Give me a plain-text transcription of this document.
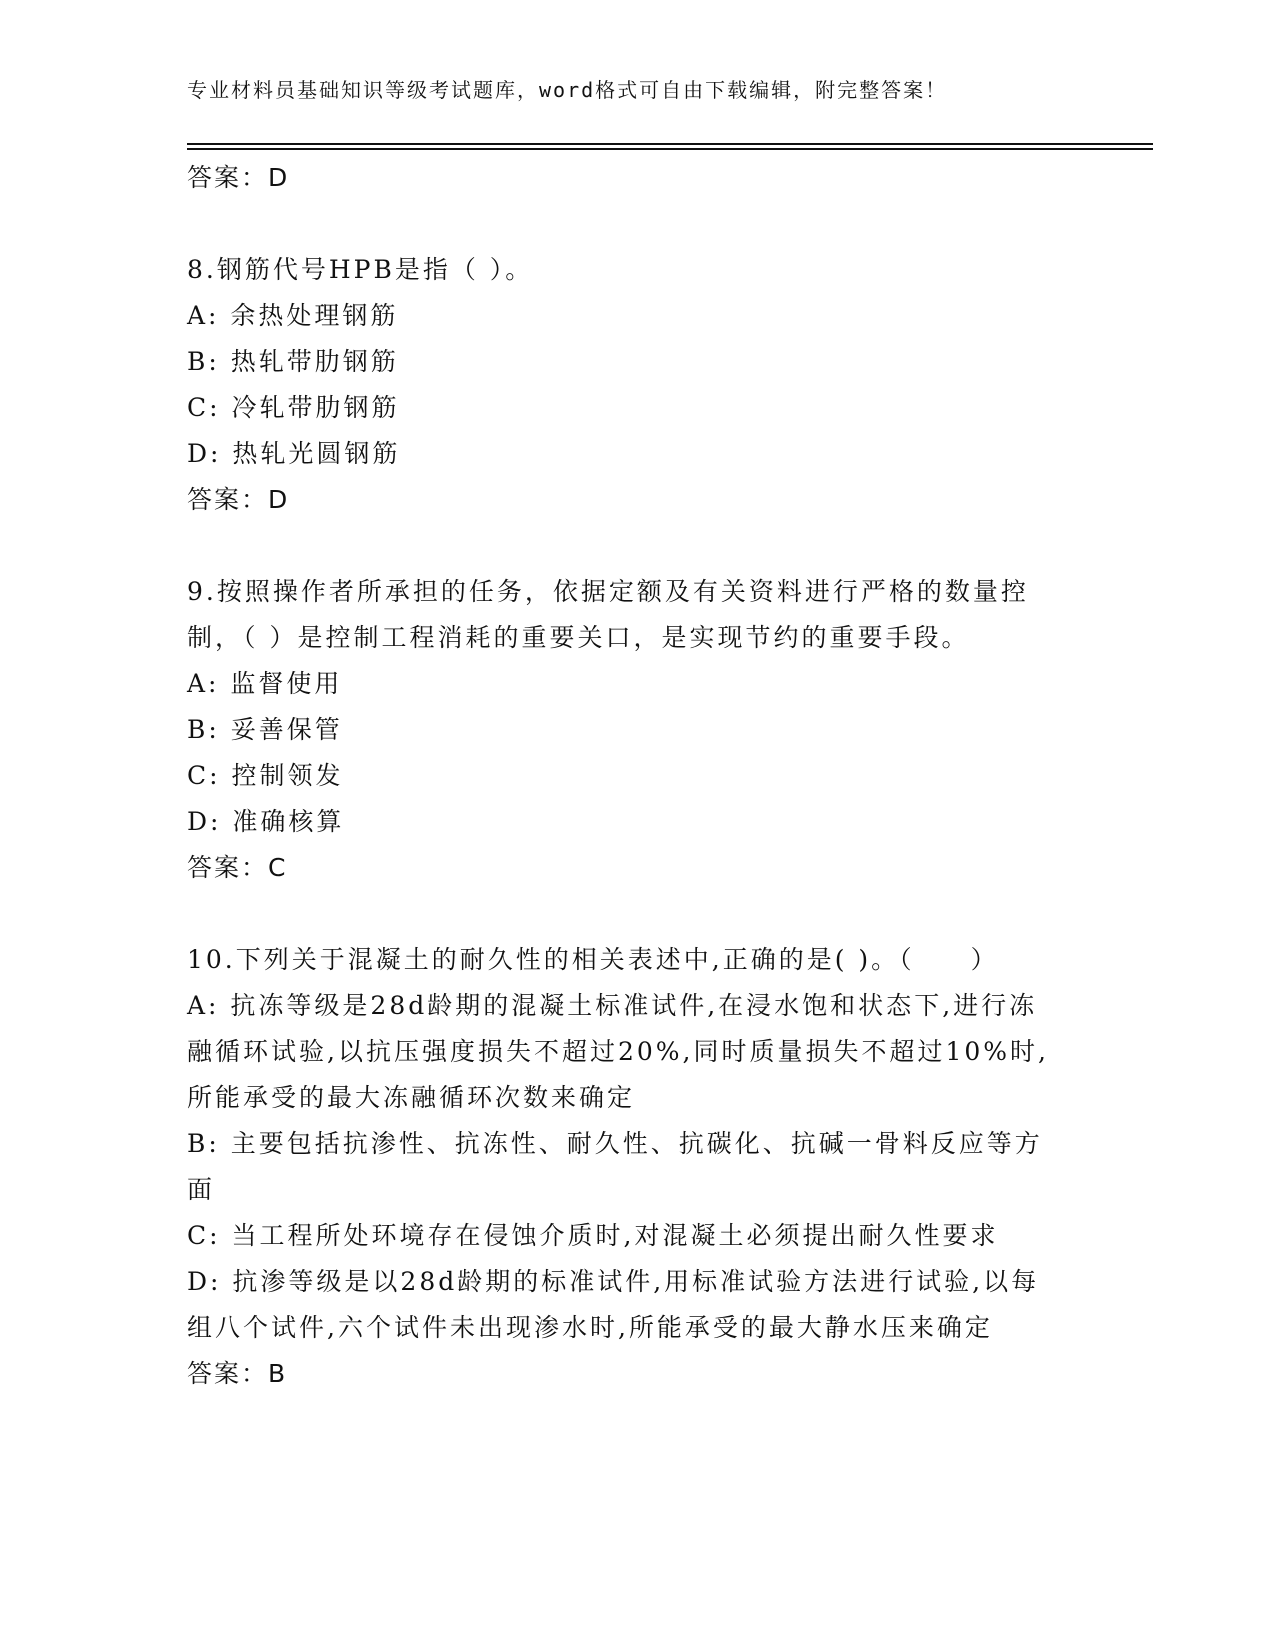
专业材料员基础知识等级考试题库，word格式可自由下载编辑，附完整答案！
答案：D
8.钢筋代号HPB是指（ ）。
A: 余热处理钢筋
B: 热轧带肋钢筋
C: 冷轧带肋钢筋
D: 热轧光圆钢筋
答案：D
9.按照操作者所承担的任务，依据定额及有关资料进行严格的数量控
制，（ ）是控制工程消耗的重要关口，是实现节约的重要手段。
A: 监督使用
B: 妥善保管
C: 控制领发
D: 准确核算
答案：C
10.下列关于混凝土的耐久性的相关表述中,正确的是( )。（　　）
A: 抗冻等级是28d龄期的混凝土标准试件,在浸水饱和状态下,进行冻
融循环试验,以抗压强度损失不超过20%,同时质量损失不超过10%时,
所能承受的最大冻融循环次数来确定
B: 主要包括抗渗性、抗冻性、耐久性、抗碳化、抗碱一骨料反应等方
面
C: 当工程所处环境存在侵蚀介质时,对混凝土必须提出耐久性要求
D: 抗渗等级是以28d龄期的标准试件,用标准试验方法进行试验,以每
组八个试件,六个试件未出现渗水时,所能承受的最大静水压来确定
答案：B
